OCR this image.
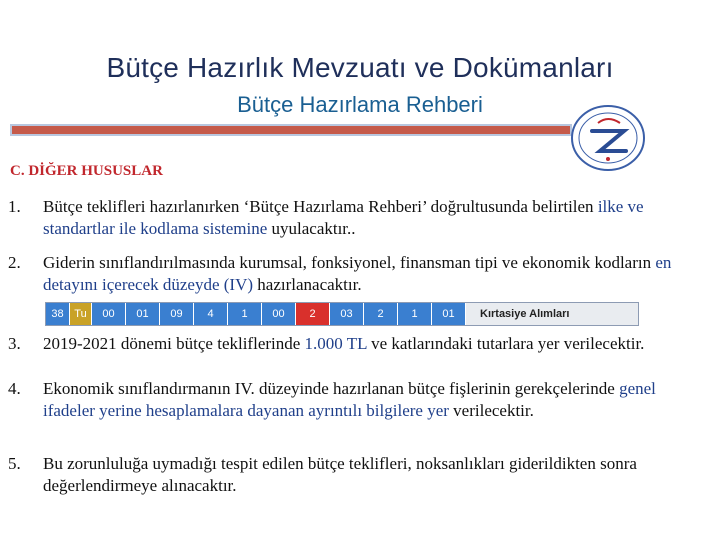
Bütçe Hazırlık Mevzuatı ve Dokümanları
Bütçe Hazırlama Rehberi
C. DİĞER HUSUSLAR
1.	Bütçe teklifleri hazırlanırken ‘Bütçe Hazırlama Rehberi’ doğrultusunda belirtilen ilke ve standartlar ile kodlama sistemine uyulacaktır..
2.	Giderin sınıflandırılmasında kurumsal, fonksiyonel, finansman tipi ve ekonomik kodların en detayını içerecek düzeyde (IV) hazırlanacaktır.
38 Tu	00	01	09	4	1	00	2	03	2	1	01	Kırtasiye Alımları
3.	2019-2021 dönemi bütçe tekliflerinde 1.000 TL ve katlarındaki tutarlara yer verilecektir.
4.	Ekonomik sınıflandırmanın IV. düzeyinde hazırlanan bütçe fişlerinin gerekçelerinde genel ifadeler yerine hesaplamalara dayanan ayrıntılı bilgilere yer verilecektir.
5.	Bu zorunluluğa uymadığı tespit edilen bütçe teklifleri, noksanlıkları giderildikten sonra değerlendirmeye alınacaktır.
